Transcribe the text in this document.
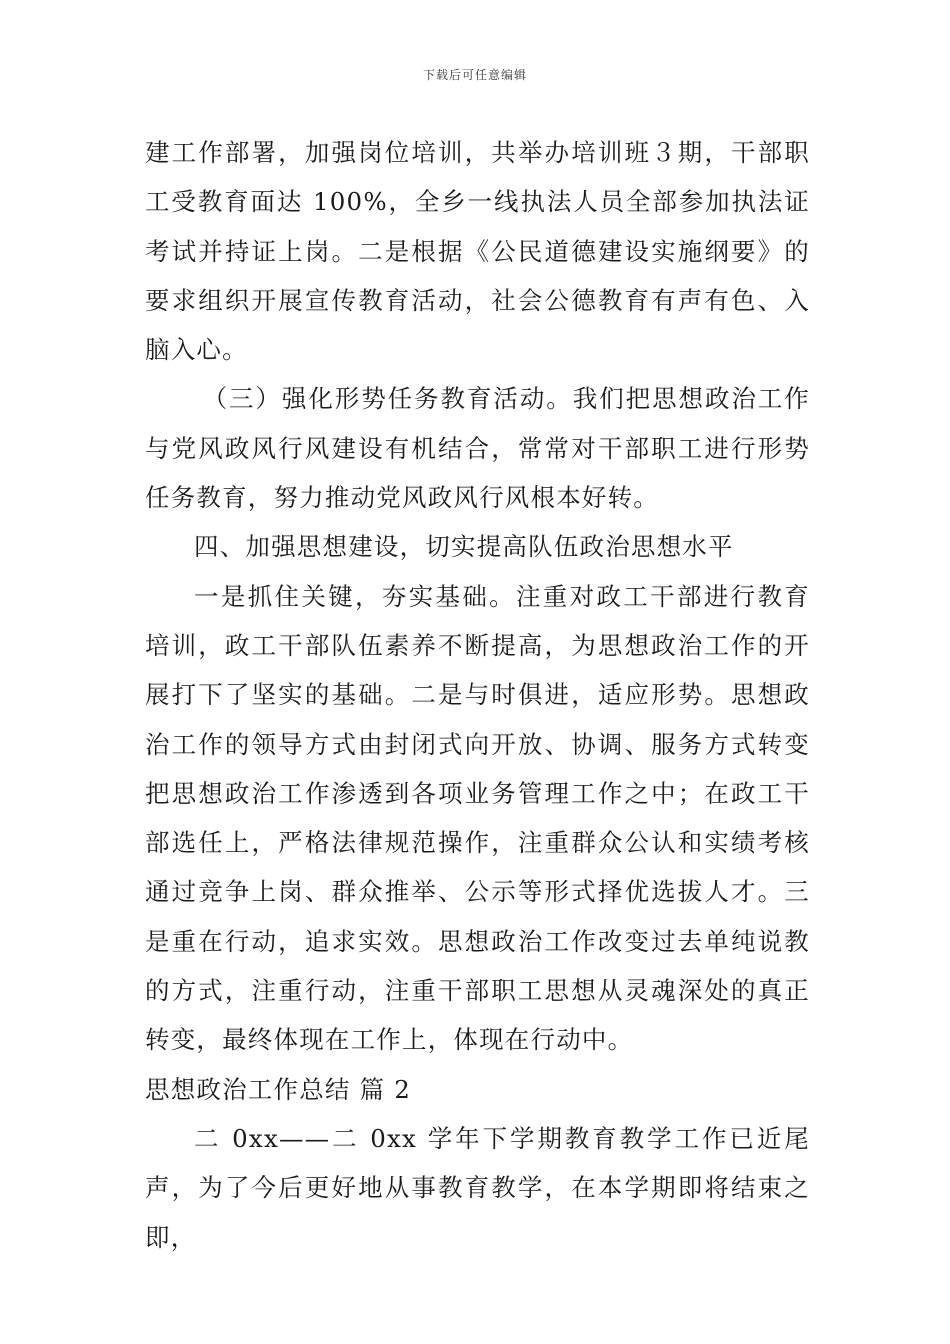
下载后可任意编辑

建工作部署，加强岗位培训，共举办培训班３期，干部职工受教育面达 100%，全乡一线执法人员全部参加执法证考试并持证上岗。二是根据《公民道德建设实施纲要》的要求组织开展宣传教育活动，社会公德教育有声有色、入脑入心。

（三）强化形势任务教育活动。我们把思想政治工作与党风政风行风建设有机结合，常常对干部职工进行形势任务教育，努力推动党风政风行风根本好转。

四、加强思想建设，切实提高队伍政治思想水平

一是抓住关键，夯实基础。注重对政工干部进行教育培训，政工干部队伍素养不断提高，为思想政治工作的开展打下了坚实的基础。二是与时俱进，适应形势。思想政治工作的领导方式由封闭式向开放、协调、服务方式转变把思想政治工作渗透到各项业务管理工作之中；在政工干部选任上，严格法律规范操作，注重群众公认和实绩考核通过竞争上岗、群众推举、公示等形式择优选拔人才。三是重在行动，追求实效。思想政治工作改变过去单纯说教的方式，注重行动，注重干部职工思想从灵魂深处的真正转变，最终体现在工作上，体现在行动中。

思想政治工作总结 篇 2

二 0xx——二 0xx 学年下学期教育教学工作已近尾声，为了今后更好地从事教育教学，在本学期即将结束之即，
